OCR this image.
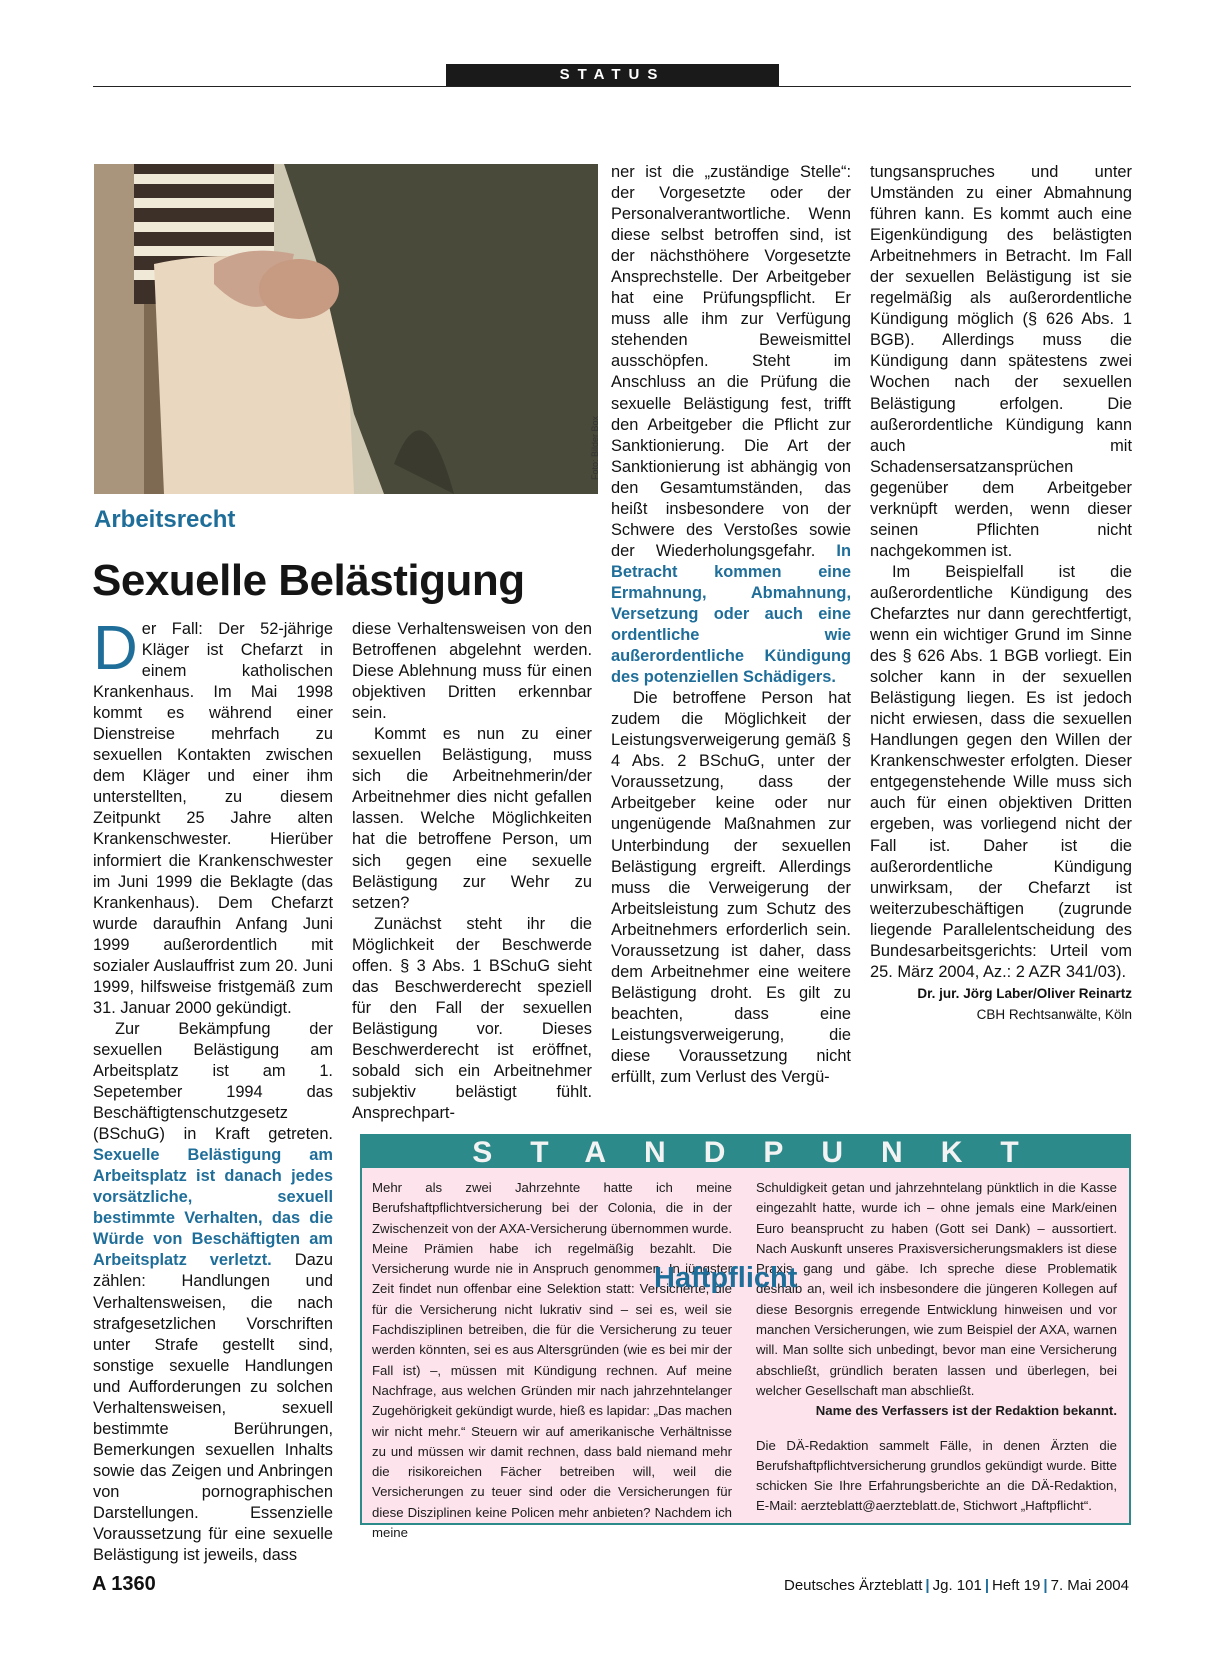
STATUS
Foto: Bilder Box
Arbeitsrecht
Sexuelle Belästigung

Der Fall: Der 52-jährige Kläger ist Chefarzt in einem katholischen Krankenhaus. Im Mai 1998 kommt es während einer Dienstreise mehrfach zu sexuellen Kontakten zwischen dem Kläger und einer ihm unterstellten, zu diesem Zeitpunkt 25 Jahre alten Krankenschwester. Hierüber informiert die Krankenschwester im Juni 1999 die Beklagte (das Krankenhaus). Dem Chefarzt wurde daraufhin Anfang Juni 1999 außerordentlich mit sozialer Auslauffrist zum 20. Juni 1999, hilfsweise fristgemäß zum 31. Januar 2000 gekündigt.

Zur Bekämpfung der sexuellen Belästigung am Arbeitsplatz ist am 1. Sepetember 1994 das Beschäftigtenschutzgesetz (BSchuG) in Kraft getreten. Sexuelle Belästigung am Arbeitsplatz ist danach jedes vorsätzliche, sexuell bestimmte Verhalten, das die Würde von Beschäftigten am Arbeitsplatz verletzt. Dazu zählen: Handlungen und Verhaltensweisen, die nach strafgesetzlichen Vorschriften unter Strafe gestellt sind, sonstige sexuelle Handlungen und Aufforderungen zu solchen Verhaltensweisen, sexuell bestimmte Berührungen, Bemerkungen sexuellen Inhalts sowie das Zeigen und Anbringen von pornographischen Darstellungen. Essenzielle Voraussetzung für eine sexuelle Belästigung ist jeweils, dass

diese Verhaltensweisen von den Betroffenen abgelehnt werden. Diese Ablehnung muss für einen objektiven Dritten erkennbar sein.

Kommt es nun zu einer sexuellen Belästigung, muss sich die Arbeitnehmerin/der Arbeitnehmer dies nicht gefallen lassen. Welche Möglichkeiten hat die betroffene Person, um sich gegen eine sexuelle Belästigung zur Wehr zu setzen?

Zunächst steht ihr die Möglichkeit der Beschwerde offen. § 3 Abs. 1 BSchuG sieht das Beschwerderecht speziell für den Fall der sexuellen Belästigung vor. Dieses Beschwerderecht ist eröffnet, sobald sich ein Arbeitnehmer subjektiv belästigt fühlt. Ansprechpart-

ner ist die „zuständige Stelle“: der Vorgesetzte oder der Personalverantwortliche. Wenn diese selbst betroffen sind, ist der nächsthöhere Vorgesetzte Ansprechstelle. Der Arbeitgeber hat eine Prüfungspflicht. Er muss alle ihm zur Verfügung stehenden Beweismittel ausschöpfen. Steht im Anschluss an die Prüfung die sexuelle Belästigung fest, trifft den Arbeitgeber die Pflicht zur Sanktionierung. Die Art der Sanktionierung ist abhängig von den Gesamtumständen, das heißt insbesondere von der Schwere des Verstoßes sowie der Wiederholungsgefahr. In Betracht kommen eine Ermahnung, Abmahnung, Versetzung oder auch eine ordentliche wie außerordentliche Kündigung des potenziellen Schädigers.

Die betroffene Person hat zudem die Möglichkeit der Leistungsverweigerung gemäß § 4 Abs. 2 BSchuG, unter der Voraussetzung, dass der Arbeitgeber keine oder nur ungenügende Maßnahmen zur Unterbindung der sexuellen Belästigung ergreift. Allerdings muss die Verweigerung der Arbeitsleistung zum Schutz des Arbeitnehmers erforderlich sein. Voraussetzung ist daher, dass dem Arbeitnehmer eine weitere Belästigung droht. Es gilt zu beachten, dass eine Leistungsverweigerung, die diese Voraussetzung nicht erfüllt, zum Verlust des Vergü-

tungsanspruches und unter Umständen zu einer Abmahnung führen kann. Es kommt auch eine Eigenkündigung des belästigten Arbeitnehmers in Betracht. Im Fall der sexuellen Belästigung ist sie regelmäßig als außerordentliche Kündigung möglich (§ 626 Abs. 1 BGB). Allerdings muss die Kündigung dann spätestens zwei Wochen nach der sexuellen Belästigung erfolgen. Die außerordentliche Kündigung kann auch mit Schadensersatzansprüchen gegenüber dem Arbeitgeber verknüpft werden, wenn dieser seinen Pflichten nicht nachgekommen ist.

Im Beispielfall ist die außerordentliche Kündigung des Chefarztes nur dann gerechtfertigt, wenn ein wichtiger Grund im Sinne des § 626 Abs. 1 BGB vorliegt. Ein solcher kann in der sexuellen Belästigung liegen. Es ist jedoch nicht erwiesen, dass die sexuellen Handlungen gegen den Willen der Krankenschwester erfolgten. Dieser entgegenstehende Wille muss sich auch für einen objektiven Dritten ergeben, was vorliegend nicht der Fall ist. Daher ist die außerordentliche Kündigung unwirksam, der Chefarzt ist weiterzubeschäftigen (zugrunde liegende Parallelentscheidung des Bundesarbeitsgerichts: Urteil vom 25. März 2004, Az.: 2 AZR 341/03).

Dr. jur. Jörg Laber/Oliver Reinartz
CBH Rechtsanwälte, Köln
STANDPUNKT

Mehr als zwei Jahrzehnte hatte ich meine Berufshaftpflichtversicherung bei der Colonia, die in der Zwischenzeit von der AXA-Versicherung übernommen wurde. Meine Prämien habe ich regelmäßig bezahlt. Die Versicherung wurde nie in Anspruch genommen. In jüngster Zeit findet nun offenbar eine Selektion statt: Versicherte, die für die Versicherung nicht lukrativ sind – sei es, weil sie Fachdisziplinen betreiben, die für die Versicherung zu teuer werden könnten, sei es aus Altersgründen (wie es bei mir der Fall ist) –, müssen mit Kündigung rechnen. Auf meine Nachfrage, aus welchen Gründen mir nach jahrzehntelanger Zugehörigkeit gekündigt wurde, hieß es lapidar: „Das machen wir nicht mehr.“ Steuern wir auf amerikanische Verhältnisse zu und müssen wir damit rechnen, dass bald niemand mehr die risikoreichen Fächer betreiben will, weil die Versicherungen zu teuer sind oder die Versicherungen für diese Disziplinen keine Policen mehr anbieten? Nachdem ich meine

Schuldigkeit getan und jahrzehntelang pünktlich in die Kasse eingezahlt hatte, wurde ich – ohne jemals eine Mark/einen Euro beansprucht zu haben (Gott sei Dank) – aussortiert. Nach Auskunft unseres Praxisversicherungsmaklers ist diese Praxis gang und gäbe. Ich spreche diese Problematik deshalb an, weil ich insbesondere die jüngeren Kollegen auf diese Besorgnis erregende Entwicklung hinweisen und vor manchen Versicherungen, wie zum Beispiel der AXA, warnen will. Man sollte sich unbedingt, bevor man eine Versicherung abschließt, gründlich beraten lassen und überlegen, bei welcher Gesellschaft man abschließt.

Name des Verfassers ist der Redaktion bekannt.

Die DÄ-Redaktion sammelt Fälle, in denen Ärzten die Berufshaftpflichtversicherung grundlos gekündigt wurde. Bitte schicken Sie Ihre Erfahrungsberichte an die DÄ-Redaktion, E-Mail: aerzteblatt@aerzteblatt.de, Stichwort „Haftpflicht“.

Haftpflicht
A 1360	Deutsches Ärzteblatt | Jg. 101 | Heft 19 | 7. Mai 2004
